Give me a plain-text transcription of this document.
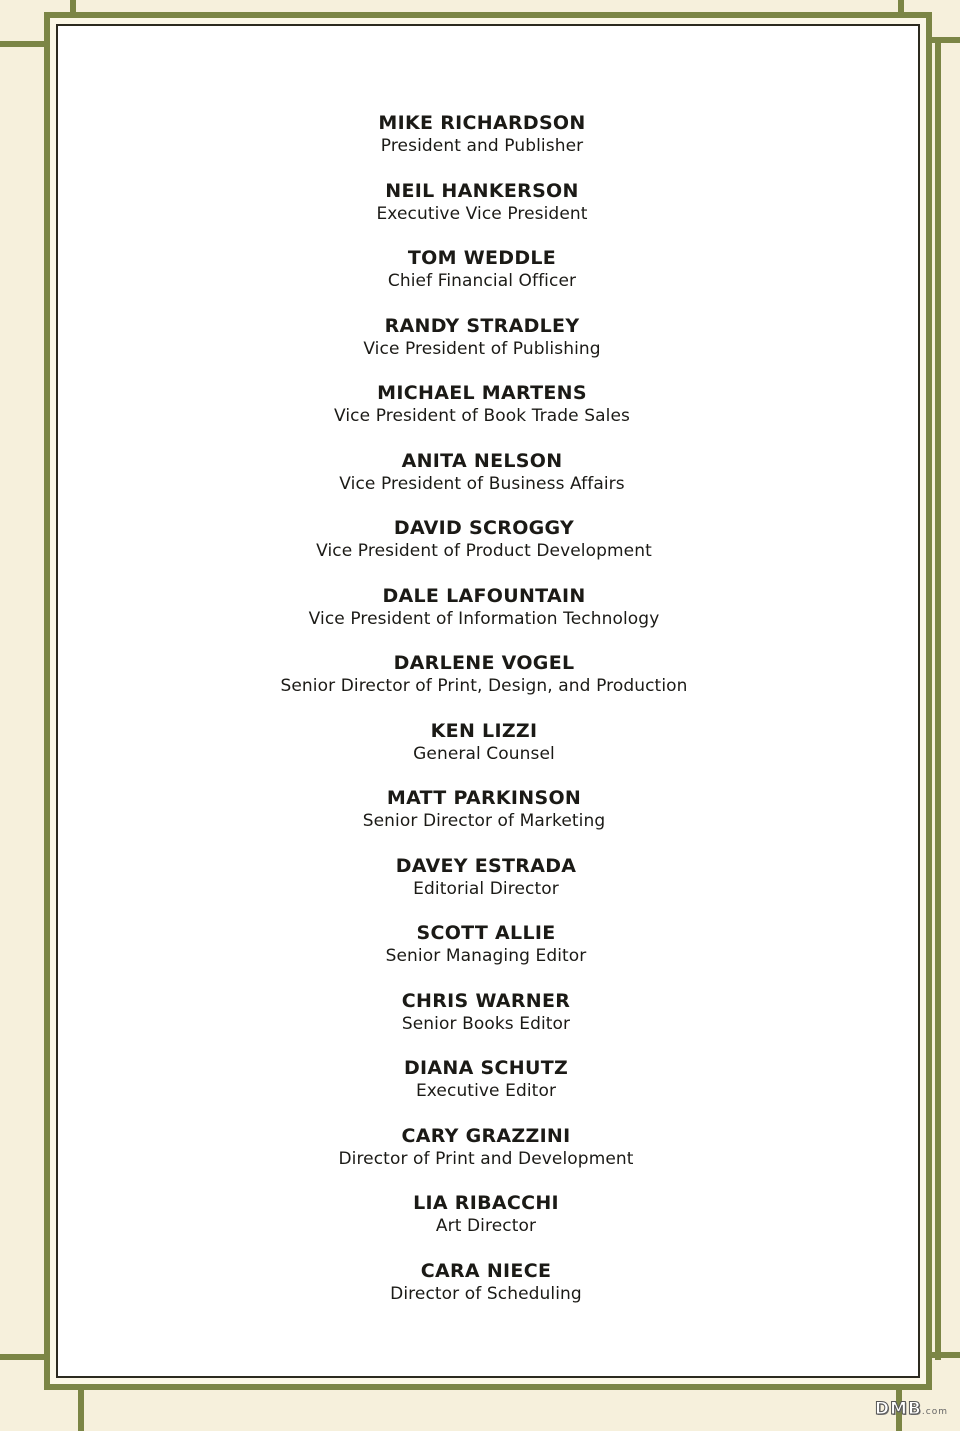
MIKE RICHARDSON
President and Publisher
NEIL HANKERSON
Executive Vice President
TOM WEDDLE
Chief Financial Officer
RANDY STRADLEY
Vice President of Publishing
MICHAEL MARTENS
Vice President of Book Trade Sales
ANITA NELSON
Vice President of Business Affairs
DAVID SCROGGY
Vice President of Product Development
DALE LAFOUNTAIN
Vice President of Information Technology
DARLENE VOGEL
Senior Director of Print, Design, and Production
KEN LIZZI
General Counsel
MATT PARKINSON
Senior Director of Marketing
DAVEY ESTRADA
Editorial Director
SCOTT ALLIE
Senior Managing Editor
CHRIS WARNER
Senior Books Editor
DIANA SCHUTZ
Executive Editor
CARY GRAZZINI
Director of Print and Development
LIA RIBACCHI
Art Director
CARA NIECE
Director of Scheduling
DMB.com
